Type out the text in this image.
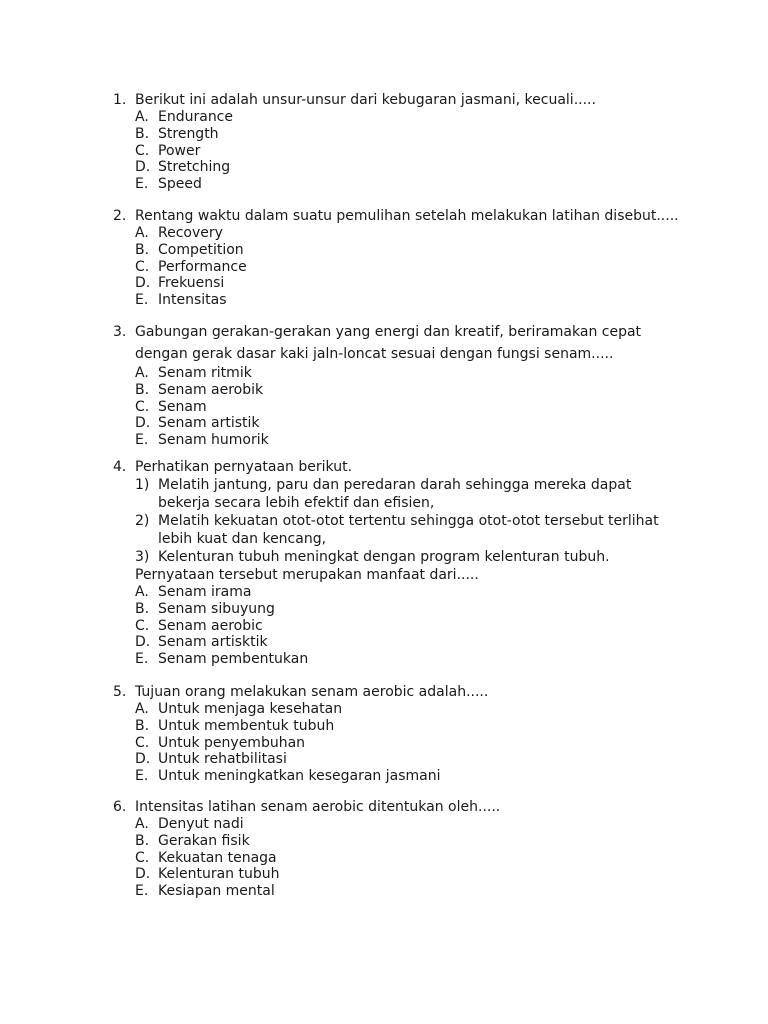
1. Berikut ini adalah unsur-unsur dari kebugaran jasmani, kecuali.....
A. Endurance
B. Strength
C. Power
D. Stretching
E. Speed
2. Rentang waktu dalam suatu pemulihan setelah melakukan latihan disebut.....
A. Recovery
B. Competition
C. Performance
D. Frekuensi
E. Intensitas
3. Gabungan gerakan-gerakan yang energi dan kreatif, beriramakan cepat
dengan gerak dasar kaki jaln-loncat sesuai dengan fungsi senam.....
A. Senam ritmik
B. Senam aerobik
C. Senam
D. Senam artistik
E. Senam humorik
4. Perhatikan pernyataan berikut.
1) Melatih jantung, paru dan peredaran darah sehingga mereka dapat
bekerja secara lebih efektif dan efisien,
2) Melatih kekuatan otot-otot tertentu sehingga otot-otot tersebut terlihat
lebih kuat dan kencang,
3) Kelenturan tubuh meningkat dengan program kelenturan tubuh.
Pernyataan tersebut merupakan manfaat dari.....
A. Senam irama
B. Senam sibuyung
C. Senam aerobic
D. Senam artisktik
E. Senam pembentukan
5. Tujuan orang melakukan senam aerobic adalah.....
A. Untuk menjaga kesehatan
B. Untuk membentuk tubuh
C. Untuk penyembuhan
D. Untuk rehatbilitasi
E. Untuk meningkatkan kesegaran jasmani
6. Intensitas latihan senam aerobic ditentukan oleh.....
A. Denyut nadi
B. Gerakan fisik
C. Kekuatan tenaga
D. Kelenturan tubuh
E. Kesiapan mental
